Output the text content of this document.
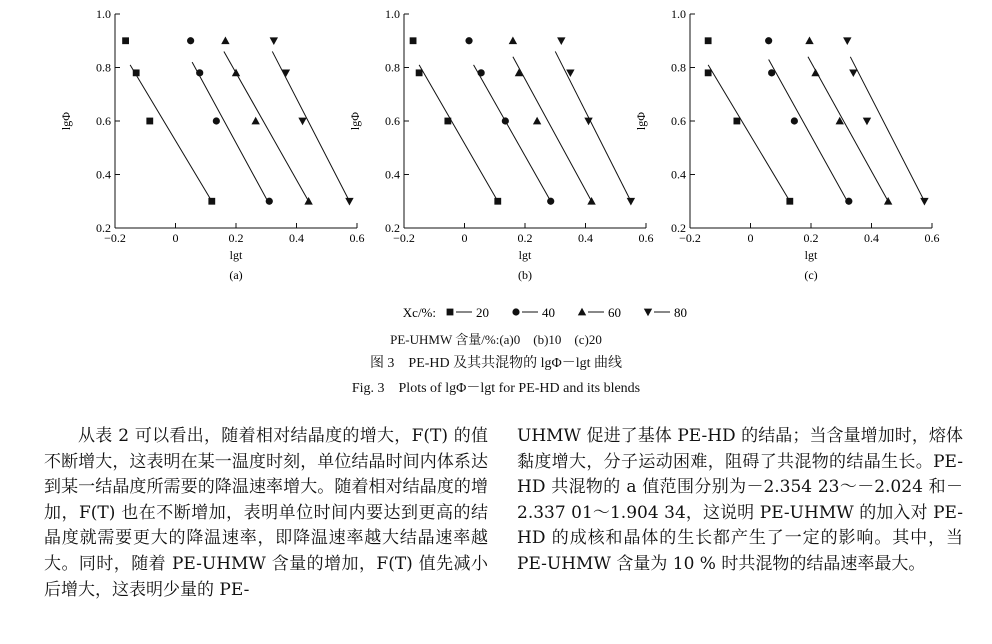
0.2
0.4
0.6
0.8
1.0
−0.2	0	0.2	0.4	0.6
lgt
lgΦ
(a)
0.2
0.4
0.6
0.8
1.0
−0.2	0	0.2	0.4	0.6
lgt
lgΦ
(b)
0.2
0.4
0.6
0.8
1.0
−0.2	0	0.2	0.4	0.6
lgt
lgΦ
(c)
Xc/%:	20	40	60	80
PE-UHMW 含量/%:(a)0　(b)10　(c)20
图 3　PE-HD 及其共混物的 lgΦ－lgt 曲线
Fig. 3　Plots of lgΦ－lgt for PE-HD and its blends

从表 2 可以看出，随着相对结晶度的增大，F(T) 的值不断增大，这表明在某一温度时刻，单位结晶时间内体系达到某一结晶度所需要的降温速率增大。随着相对结晶度的增加，F(T) 也在不断增加，表明单位时间内要达到更高的结晶度就需要更大的降温速率，即降温速率越大结晶速率越大。同时，随着 PE-UHMW 含量的增加，F(T) 值先减小后增大，这表明少量的 PE-

UHMW 促进了基体 PE-HD 的结晶；当含量增加时，熔体黏度增大，分子运动困难，阻碍了共混物的结晶生长。PE-HD 共混物的 a 值范围分别为－2.354 23～－2.024 和－2.337 01～1.904 34，这说明 PE-UHMW 的加入对 PE-HD 的成核和晶体的生长都产生了一定的影响。其中，当 PE-UHMW 含量为 10 % 时共混物的结晶速率最大。
